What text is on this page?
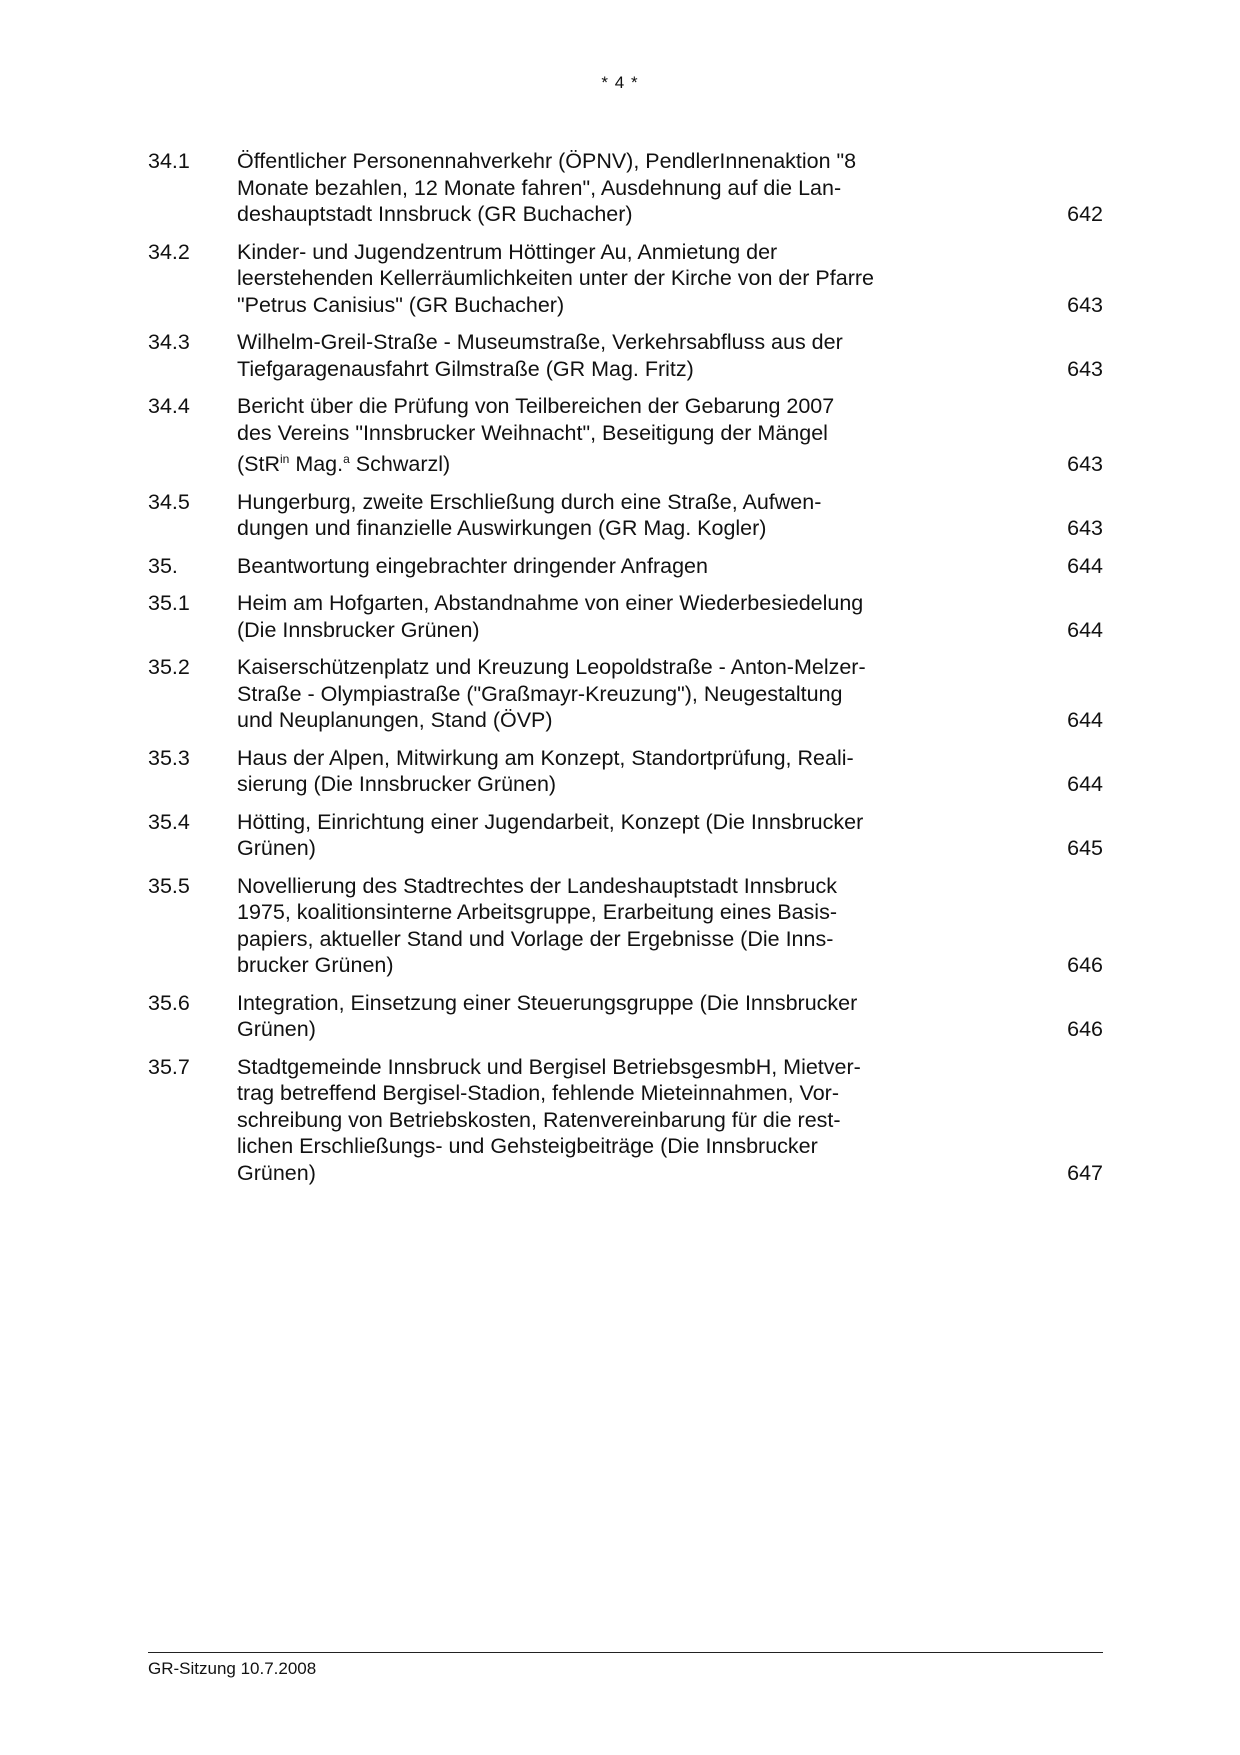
* 4 *
34.1	Öffentlicher Personennahverkehr (ÖPNV), PendlerInnenaktion "8
Monate bezahlen, 12 Monate fahren", Ausdehnung auf die Lan-
deshauptstadt Innsbruck (GR Buchacher)	642
34.2	Kinder- und Jugendzentrum Höttinger Au, Anmietung der
leerstehenden Kellerräumlichkeiten unter der Kirche von der Pfarre
"Petrus Canisius" (GR Buchacher)	643
34.3	Wilhelm-Greil-Straße - Museumstraße, Verkehrsabfluss aus der
Tiefgaragenausfahrt Gilmstraße (GR Mag. Fritz)	643
34.4	Bericht über die Prüfung von Teilbereichen der Gebarung 2007
des Vereins "Innsbrucker Weihnacht", Beseitigung der Mängel
(StR$^{in}$ Mag.$^a$ Schwarzl)	643
34.5	Hungerburg, zweite Erschließung durch eine Straße, Aufwen-
dungen und finanzielle Auswirkungen (GR Mag. Kogler)	643
35.	Beantwortung eingebrachter dringender Anfragen	644
35.1	Heim am Hofgarten, Abstandnahme von einer Wiederbesiedelung
(Die Innsbrucker Grünen)	644
35.2	Kaiserschützenplatz und Kreuzung Leopoldstraße - Anton-Melzer-
Straße - Olympiastraße ("Graßmayr-Kreuzung"), Neugestaltung
und Neuplanungen, Stand (ÖVP)	644
35.3	Haus der Alpen, Mitwirkung am Konzept, Standortprüfung, Reali-
sierung (Die Innsbrucker Grünen)	644
35.4	Hötting, Einrichtung einer Jugendarbeit, Konzept (Die Innsbrucker
Grünen)	645
35.5	Novellierung des Stadtrechtes der Landeshauptstadt Innsbruck
1975, koalitionsinterne Arbeitsgruppe, Erarbeitung eines Basis-
papiers, aktueller Stand und Vorlage der Ergebnisse (Die Inns-
brucker Grünen)	646
35.6	Integration, Einsetzung einer Steuerungsgruppe (Die Innsbrucker
Grünen)	646
35.7	Stadtgemeinde Innsbruck und Bergisel BetriebsgesmbH, Mietver-
trag betreffend Bergisel-Stadion, fehlende Mieteinnahmen, Vor-
schreibung von Betriebskosten, Ratenvereinbarung für die rest-
lichen Erschließungs- und Gehsteigbeiträge (Die Innsbrucker
Grünen)	647
GR-Sitzung 10.7.2008
